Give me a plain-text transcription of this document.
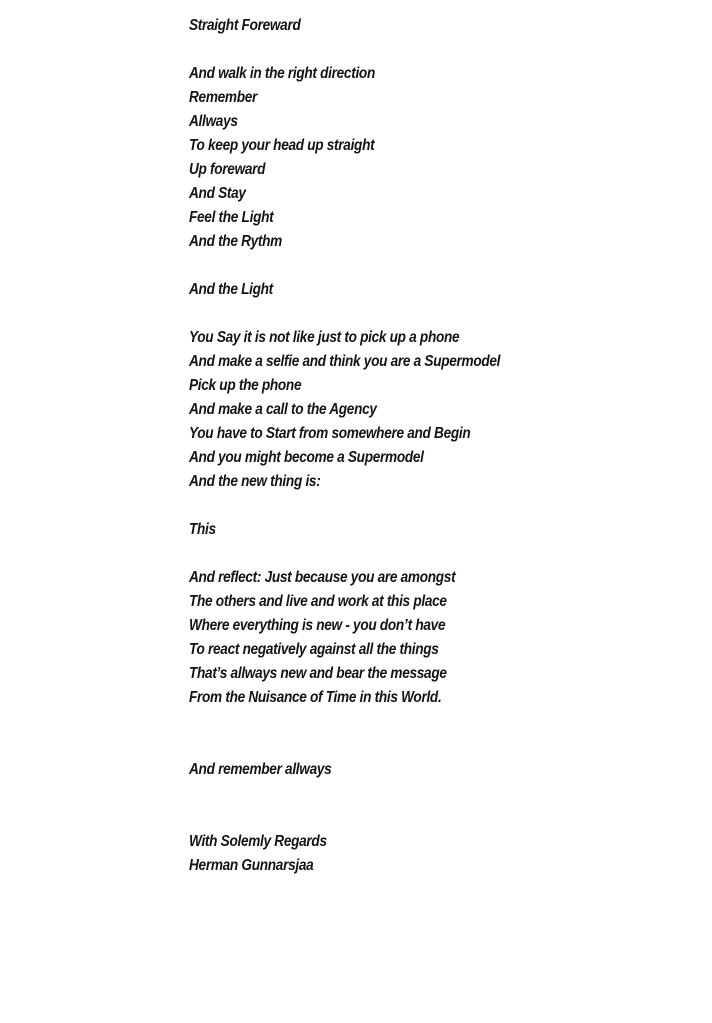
Straight Foreward
And walk in the right direction
Remember
Allways
To keep your head up straight
Up foreward
And Stay
Feel the Light
And the Rythm
And the Light
You Say it is not like just to pick up a phone
And make a selfie and think you are a Supermodel
Pick up the phone
And make a call to the Agency
You have to Start from somewhere and Begin
And you might become a Supermodel
And the new thing is:
This
And reflect: Just because you are amongst
The others and live and work at this place
Where everything is new - you don’t have
To react negatively against all the things
That’s allways new and bear the message
From the Nuisance of Time in this World.
And remember allways
With Solemly Regards
Herman Gunnarsjaa
